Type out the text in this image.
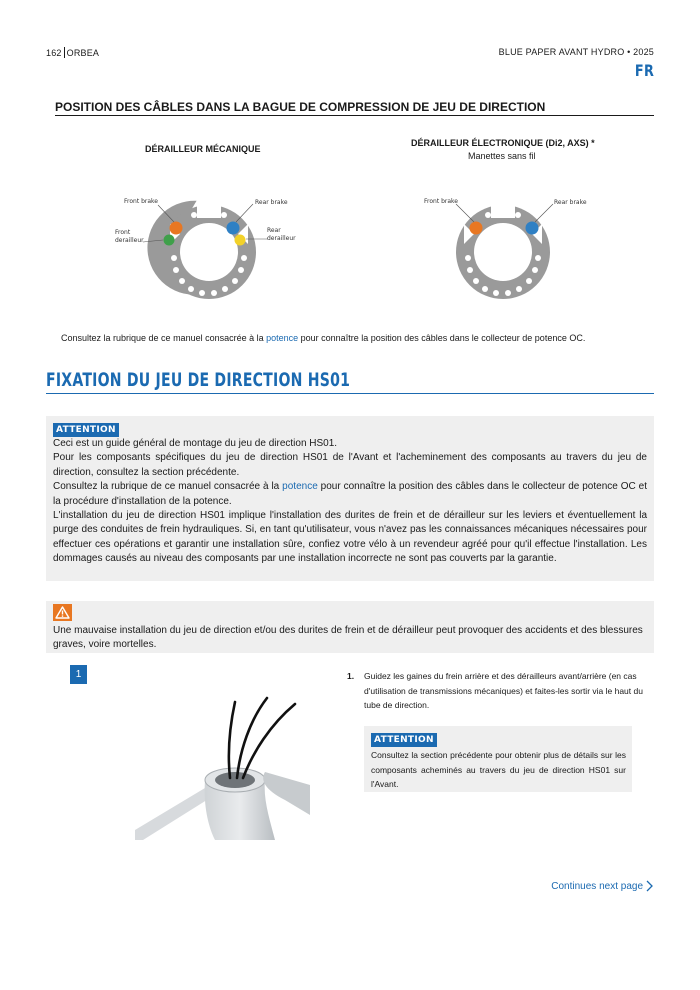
162 ORBEA	BLUE PAPER AVANT HYDRO • 2025
FR
POSITION DES CÂBLES DANS LA BAGUE DE COMPRESSION DE JEU DE DIRECTION
DÉRAILLEUR MÉCANIQUE
DÉRAILLEUR ÉLECTRONIQUE (Di2, AXS) *
Manettes sans fil
Front brake	Rear brake
Front derailleur
Rear derailleur
Front brake	Rear brake
Consultez la rubrique de ce manuel consacrée à la potence pour connaître la position des câbles dans le collecteur de potence OC.
FIXATION DU JEU DE DIRECTION HS01
ATTENTION
Ceci est un guide général de montage du jeu de direction HS01.
Pour les composants spécifiques du jeu de direction HS01 de l'Avant et l'acheminement des composants au travers du jeu de direction, consultez la section précédente.
Consultez la rubrique de ce manuel consacrée à la potence pour connaître la position des câbles dans le collecteur de potence OC et la procédure d'installation de la potence.
L'installation du jeu de direction HS01 implique l'installation des durites de frein et de dérailleur sur les leviers et éventuellement la purge des conduites de frein hydrauliques. Si, en tant qu'utilisateur, vous n'avez pas les connaissances mécaniques nécessaires pour effectuer ces opérations et garantir une installation sûre, confiez votre vélo à un revendeur agréé pour qu'il effectue l'installation. Les dommages causés au niveau des composants par une installation incorrecte ne sont pas couverts par la garantie.
Une mauvaise installation du jeu de direction et/ou des durites de frein et de dérailleur peut provoquer des accidents et des blessures graves, voire mortelles.
1	1. Guidez les gaines du frein arrière et des dérailleurs avant/arrière (en cas d'utilisation de transmissions mécaniques) et faites-les sortir via le haut du tube de direction.
ATTENTION
Consultez la section précédente pour obtenir plus de détails sur les composants acheminés au travers du jeu de direction HS01 sur l'Avant.
Continues next page
